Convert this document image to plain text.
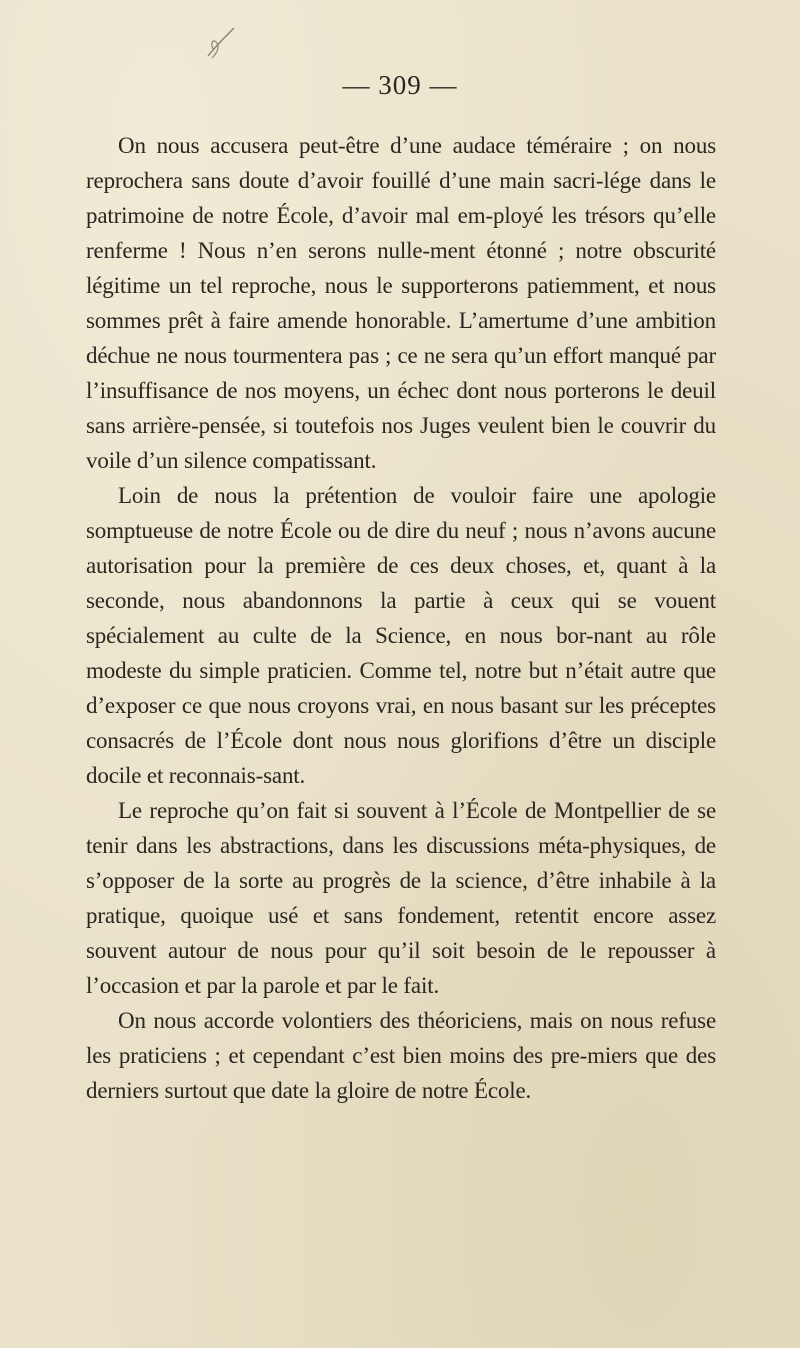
— 309 —

On nous accusera peut-être d’une audace téméraire ; on nous reprochera sans doute d’avoir fouillé d’une main sacri-lége dans le patrimoine de notre École, d’avoir mal em-ployé les trésors qu’elle renferme ! Nous n’en serons nulle-ment étonné ; notre obscurité légitime un tel reproche, nous le supporterons patiemment, et nous sommes prêt à faire amende honorable. L’amertume d’une ambition déchue ne nous tourmentera pas ; ce ne sera qu’un effort manqué par l’insuffisance de nos moyens, un échec dont nous porterons le deuil sans arrière-pensée, si toutefois nos Juges veulent bien le couvrir du voile d’un silence compatissant.

Loin de nous la prétention de vouloir faire une apologie somptueuse de notre École ou de dire du neuf ; nous n’avons aucune autorisation pour la première de ces deux choses, et, quant à la seconde, nous abandonnons la partie à ceux qui se vouent spécialement au culte de la Science, en nous bor-nant au rôle modeste du simple praticien. Comme tel, notre but n’était autre que d’exposer ce que nous croyons vrai, en nous basant sur les préceptes consacrés de l’École dont nous nous glorifions d’être un disciple docile et reconnais-sant.

Le reproche qu’on fait si souvent à l’École de Montpellier de se tenir dans les abstractions, dans les discussions méta-physiques, de s’opposer de la sorte au progrès de la science, d’être inhabile à la pratique, quoique usé et sans fondement, retentit encore assez souvent autour de nous pour qu’il soit besoin de le repousser à l’occasion et par la parole et par le fait.

On nous accorde volontiers des théoriciens, mais on nous refuse les praticiens ; et cependant c’est bien moins des pre-miers que des derniers surtout que date la gloire de notre École.
